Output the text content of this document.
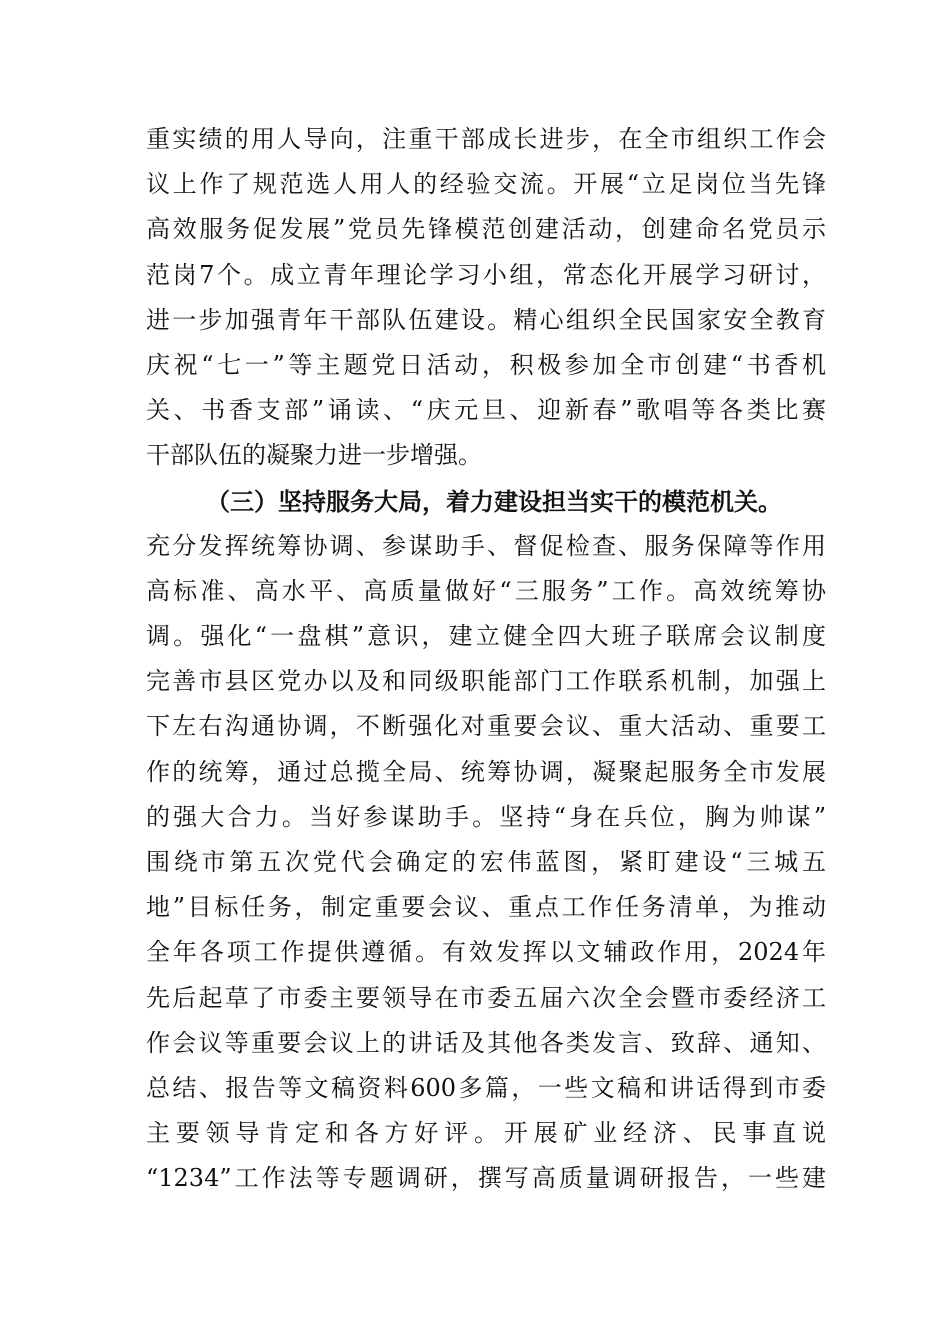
重实绩的用人导向，注重干部成长进步，在全市组织工作会
议上作了规范选人用人的经验交流。开展“立足岗位当先锋
高效服务促发展”党员先锋模范创建活动，创建命名党员示
范岗7个。成立青年理论学习小组，常态化开展学习研讨，
进一步加强青年干部队伍建设。精心组织全民国家安全教育
庆祝“七一”等主题党日活动，积极参加全市创建“书香机
关、书香支部”诵读、“庆元旦、迎新春”歌唱等各类比赛
干部队伍的凝聚力进一步增强。
（三）坚持服务大局，着力建设担当实干的模范机关。
充分发挥统筹协调、参谋助手、督促检查、服务保障等作用
高标准、高水平、高质量做好“三服务”工作。高效统筹协
调。强化“一盘棋”意识，建立健全四大班子联席会议制度
完善市县区党办以及和同级职能部门工作联系机制，加强上
下左右沟通协调，不断强化对重要会议、重大活动、重要工
作的统筹，通过总揽全局、统筹协调，凝聚起服务全市发展
的强大合力。当好参谋助手。坚持“身在兵位，胸为帅谋”
围绕市第五次党代会确定的宏伟蓝图，紧盯建设“三城五
地”目标任务，制定重要会议、重点工作任务清单，为推动
全年各项工作提供遵循。有效发挥以文辅政作用，2024年
先后起草了市委主要领导在市委五届六次全会暨市委经济工
作会议等重要会议上的讲话及其他各类发言、致辞、通知、
总结、报告等文稿资料600多篇，一些文稿和讲话得到市委
主要领导肯定和各方好评。开展矿业经济、民事直说
“1234”工作法等专题调研，撰写高质量调研报告，一些建
